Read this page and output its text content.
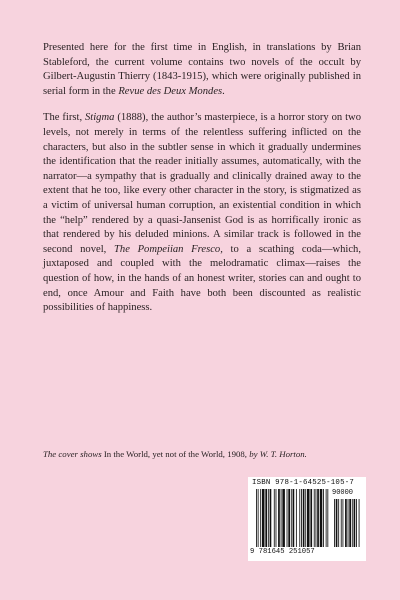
Presented here for the first time in English, in translations by Brian Stableford, the current volume contains two novels of the occult by Gilbert-Augustin Thierry (1843-1915), which were originally published in serial form in the Revue des Deux Mondes.

The first, Stigma (1888), the author’s masterpiece, is a horror story on two levels, not merely in terms of the relentless suffering inflicted on the characters, but also in the subtler sense in which it gradually undermines the identification that the reader initially assumes, automatically, with the narrator—a sympathy that is gradually and clinically drained away to the extent that he too, like every other character in the story, is stigmatized as a victim of universal human corruption, an existential condition in which the “help” rendered by a quasi-Jansenist God is as horrifically ironic as that rendered by his deluded minions. A similar track is followed in the second novel, The Pompeiian Fresco, to a scathing coda—which, juxtaposed and coupled with the melodramatic climax—raises the question of how, in the hands of an honest writer, stories can and ought to end, once Amour and Faith have both been discounted as realistic possibilities of happiness.

The cover shows In the World, yet not of the World, 1908, by W. T. Horton.
ISBN 978-1-64525-105-7
90000
9 781645 251057
